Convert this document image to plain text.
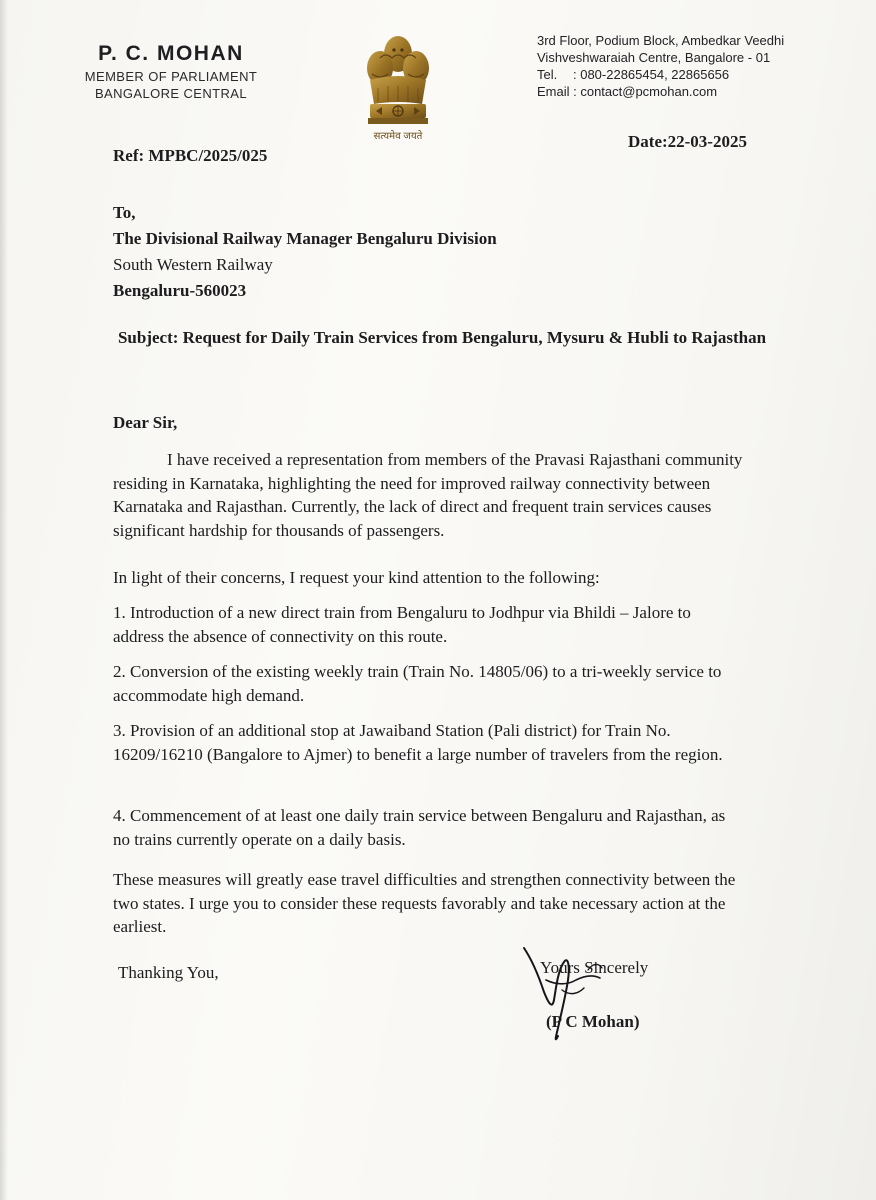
P. C. MOHAN
MEMBER OF PARLIAMENT
BANGALORE CENTRAL
सत्यमेव जयते
3rd Floor, Podium Block, Ambedkar Veedhi
Vishveshwaraiah Centre, Bangalore - 01
Tel. : 080-22865454, 22865656
Email : contact@pcmohan.com
Ref: MPBC/2025/025
Date:22-03-2025
To,
The Divisional Railway Manager Bengaluru Division
South Western Railway
Bengaluru-560023
Subject: Request for Daily Train Services from Bengaluru, Mysuru & Hubli to Rajasthan
Dear Sir,
I have received a representation from members of the Pravasi Rajasthani community residing in Karnataka, highlighting the need for improved railway connectivity between Karnataka and Rajasthan. Currently, the lack of direct and frequent train services causes significant hardship for thousands of passengers.
In light of their concerns, I request your kind attention to the following:
1. Introduction of a new direct train from Bengaluru to Jodhpur via Bhildi – Jalore to address the absence of connectivity on this route.
2. Conversion of the existing weekly train (Train No. 14805/06) to a tri-weekly service to accommodate high demand.
3. Provision of an additional stop at Jawaiband Station (Pali district) for Train No. 16209/16210 (Bangalore to Ajmer) to benefit a large number of travelers from the region.
4. Commencement of at least one daily train service between Bengaluru and Rajasthan, as no trains currently operate on a daily basis.
These measures will greatly ease travel difficulties and strengthen connectivity between the two states. I urge you to consider these requests favorably and take necessary action at the earliest.
Thanking You,	Yours Sincerely
(P C Mohan)
